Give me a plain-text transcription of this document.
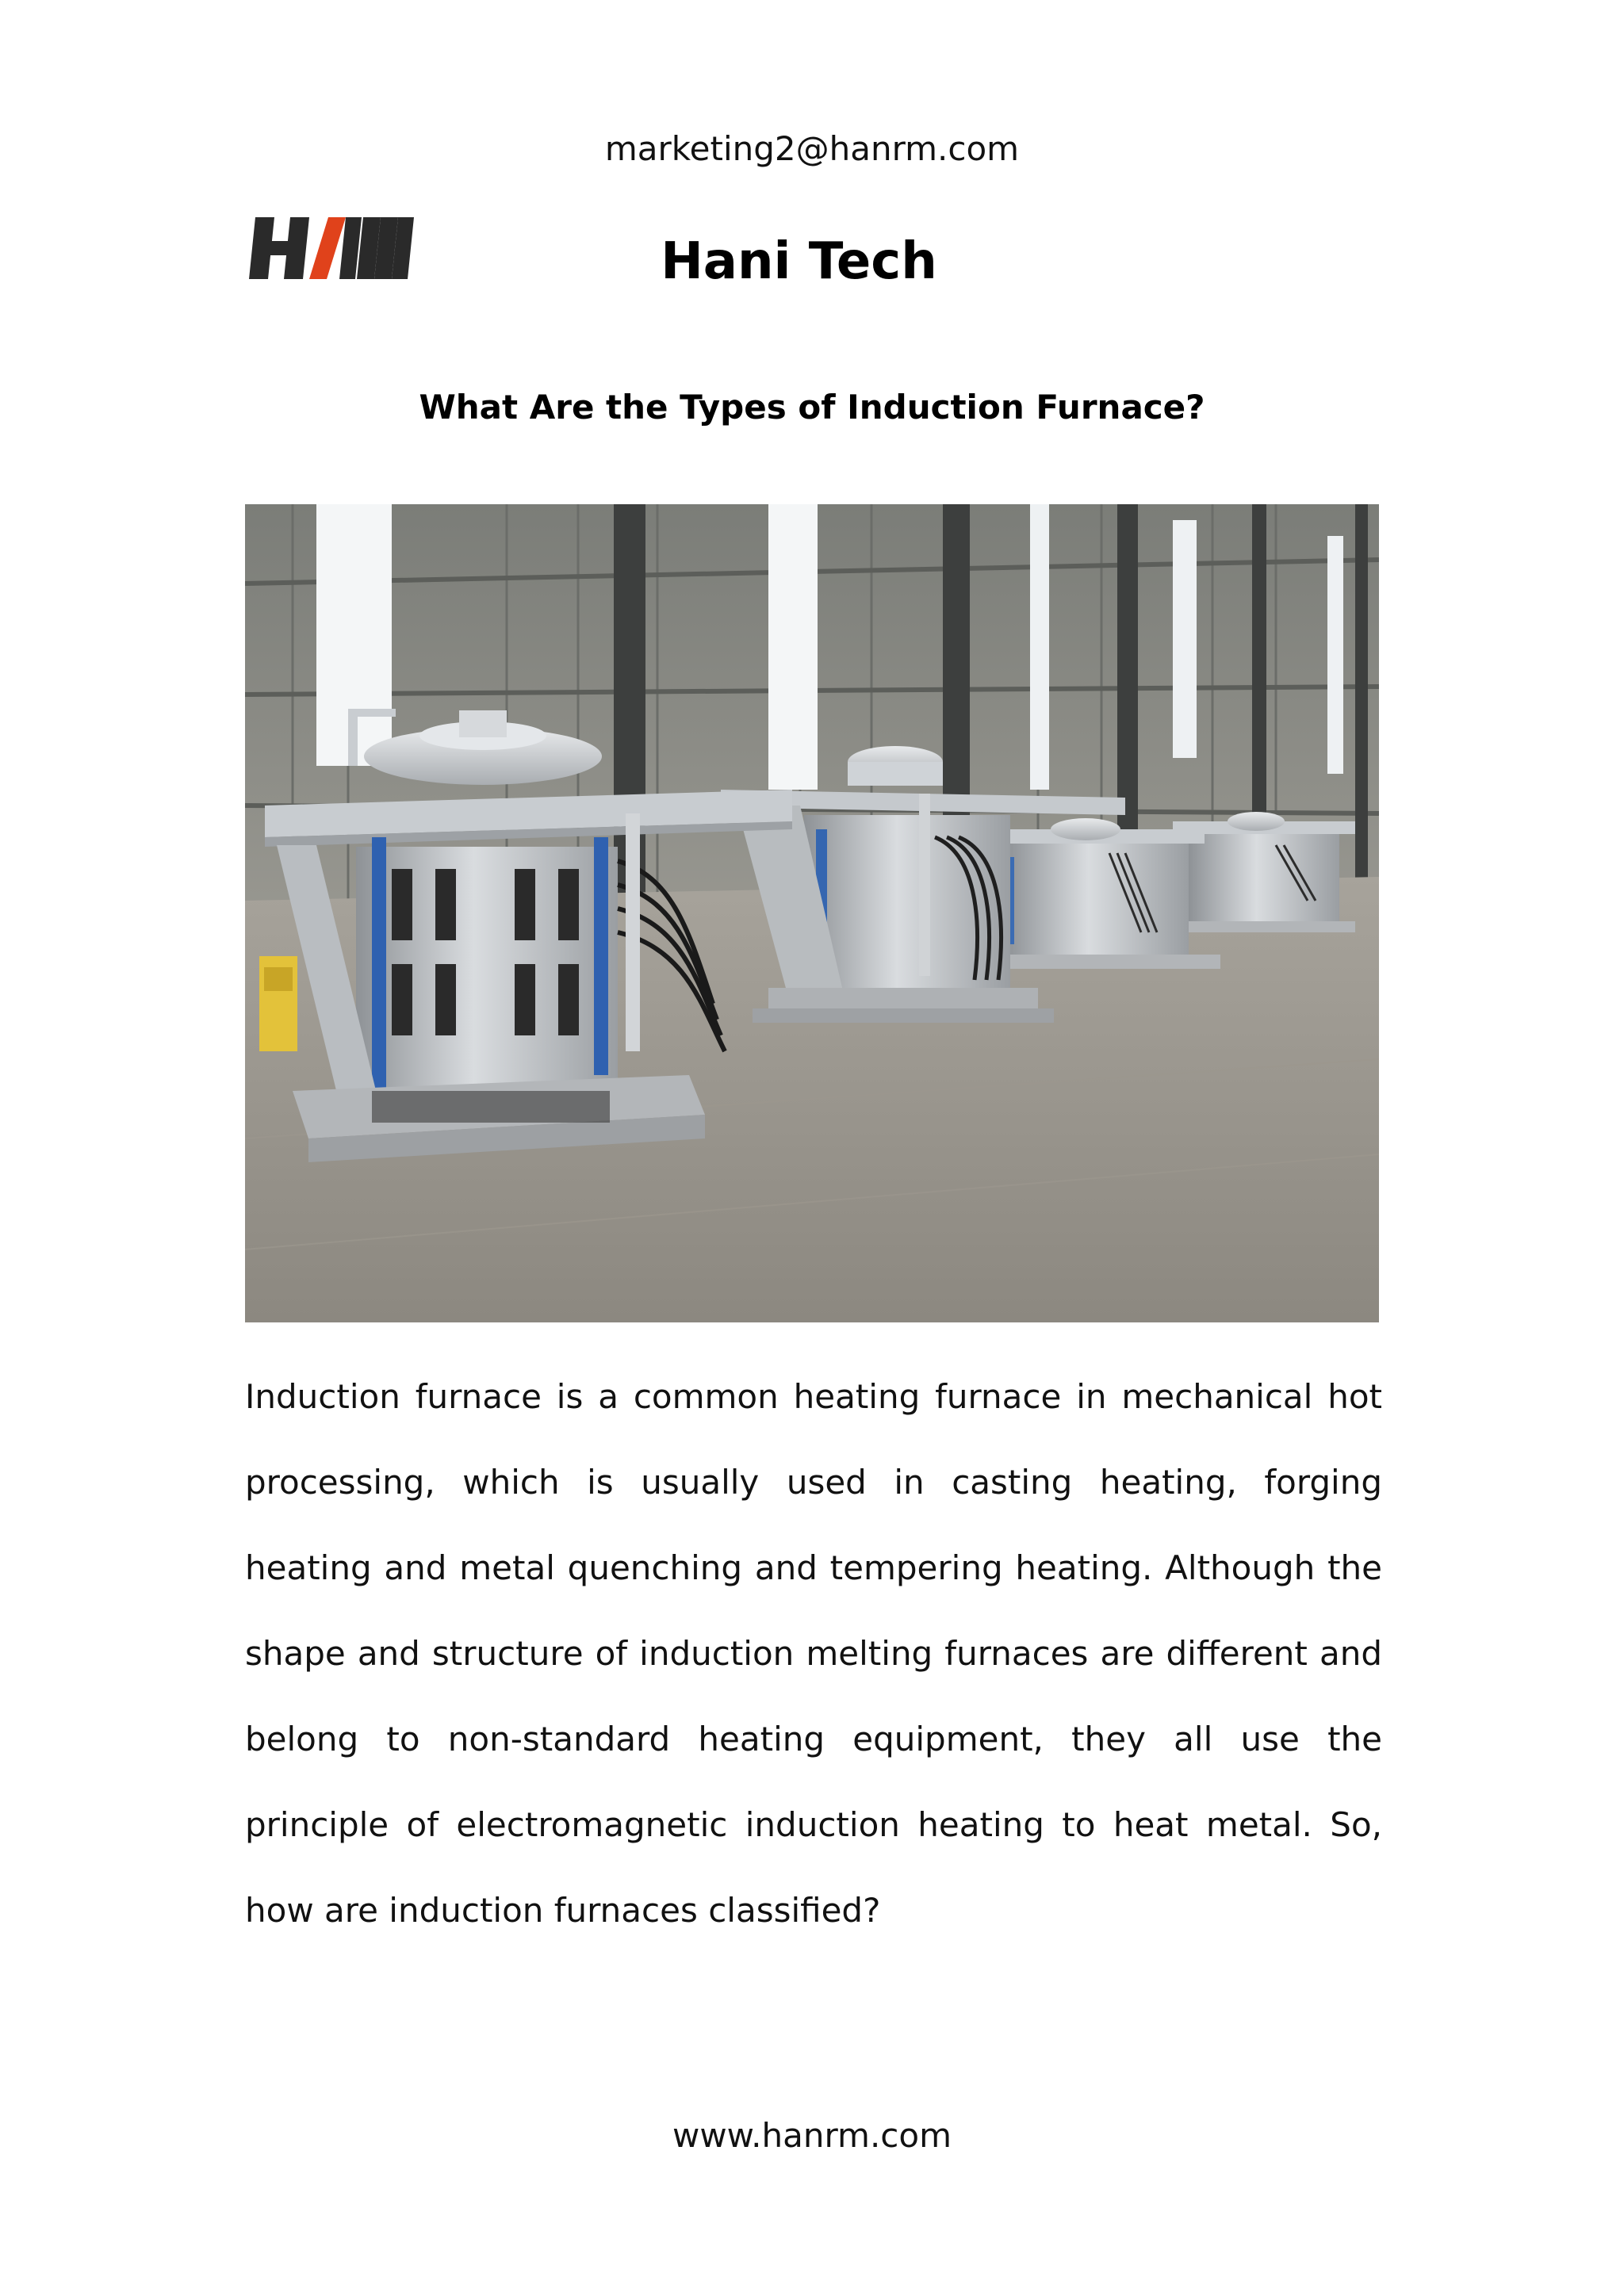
marketing2@hanrm.com
Hani Tech
What Are the Types of Induction Furnace?
Induction furnace is a common heating furnace in mechanical hot processing, which is usually used in casting heating, forging heating and metal quenching and tempering heating. Although the shape and structure of induction melting furnaces are different and belong to non-standard heating equipment, they all use the principle of electromagnetic induction heating to heat metal. So, how are induction furnaces classified?
www.hanrm.com
